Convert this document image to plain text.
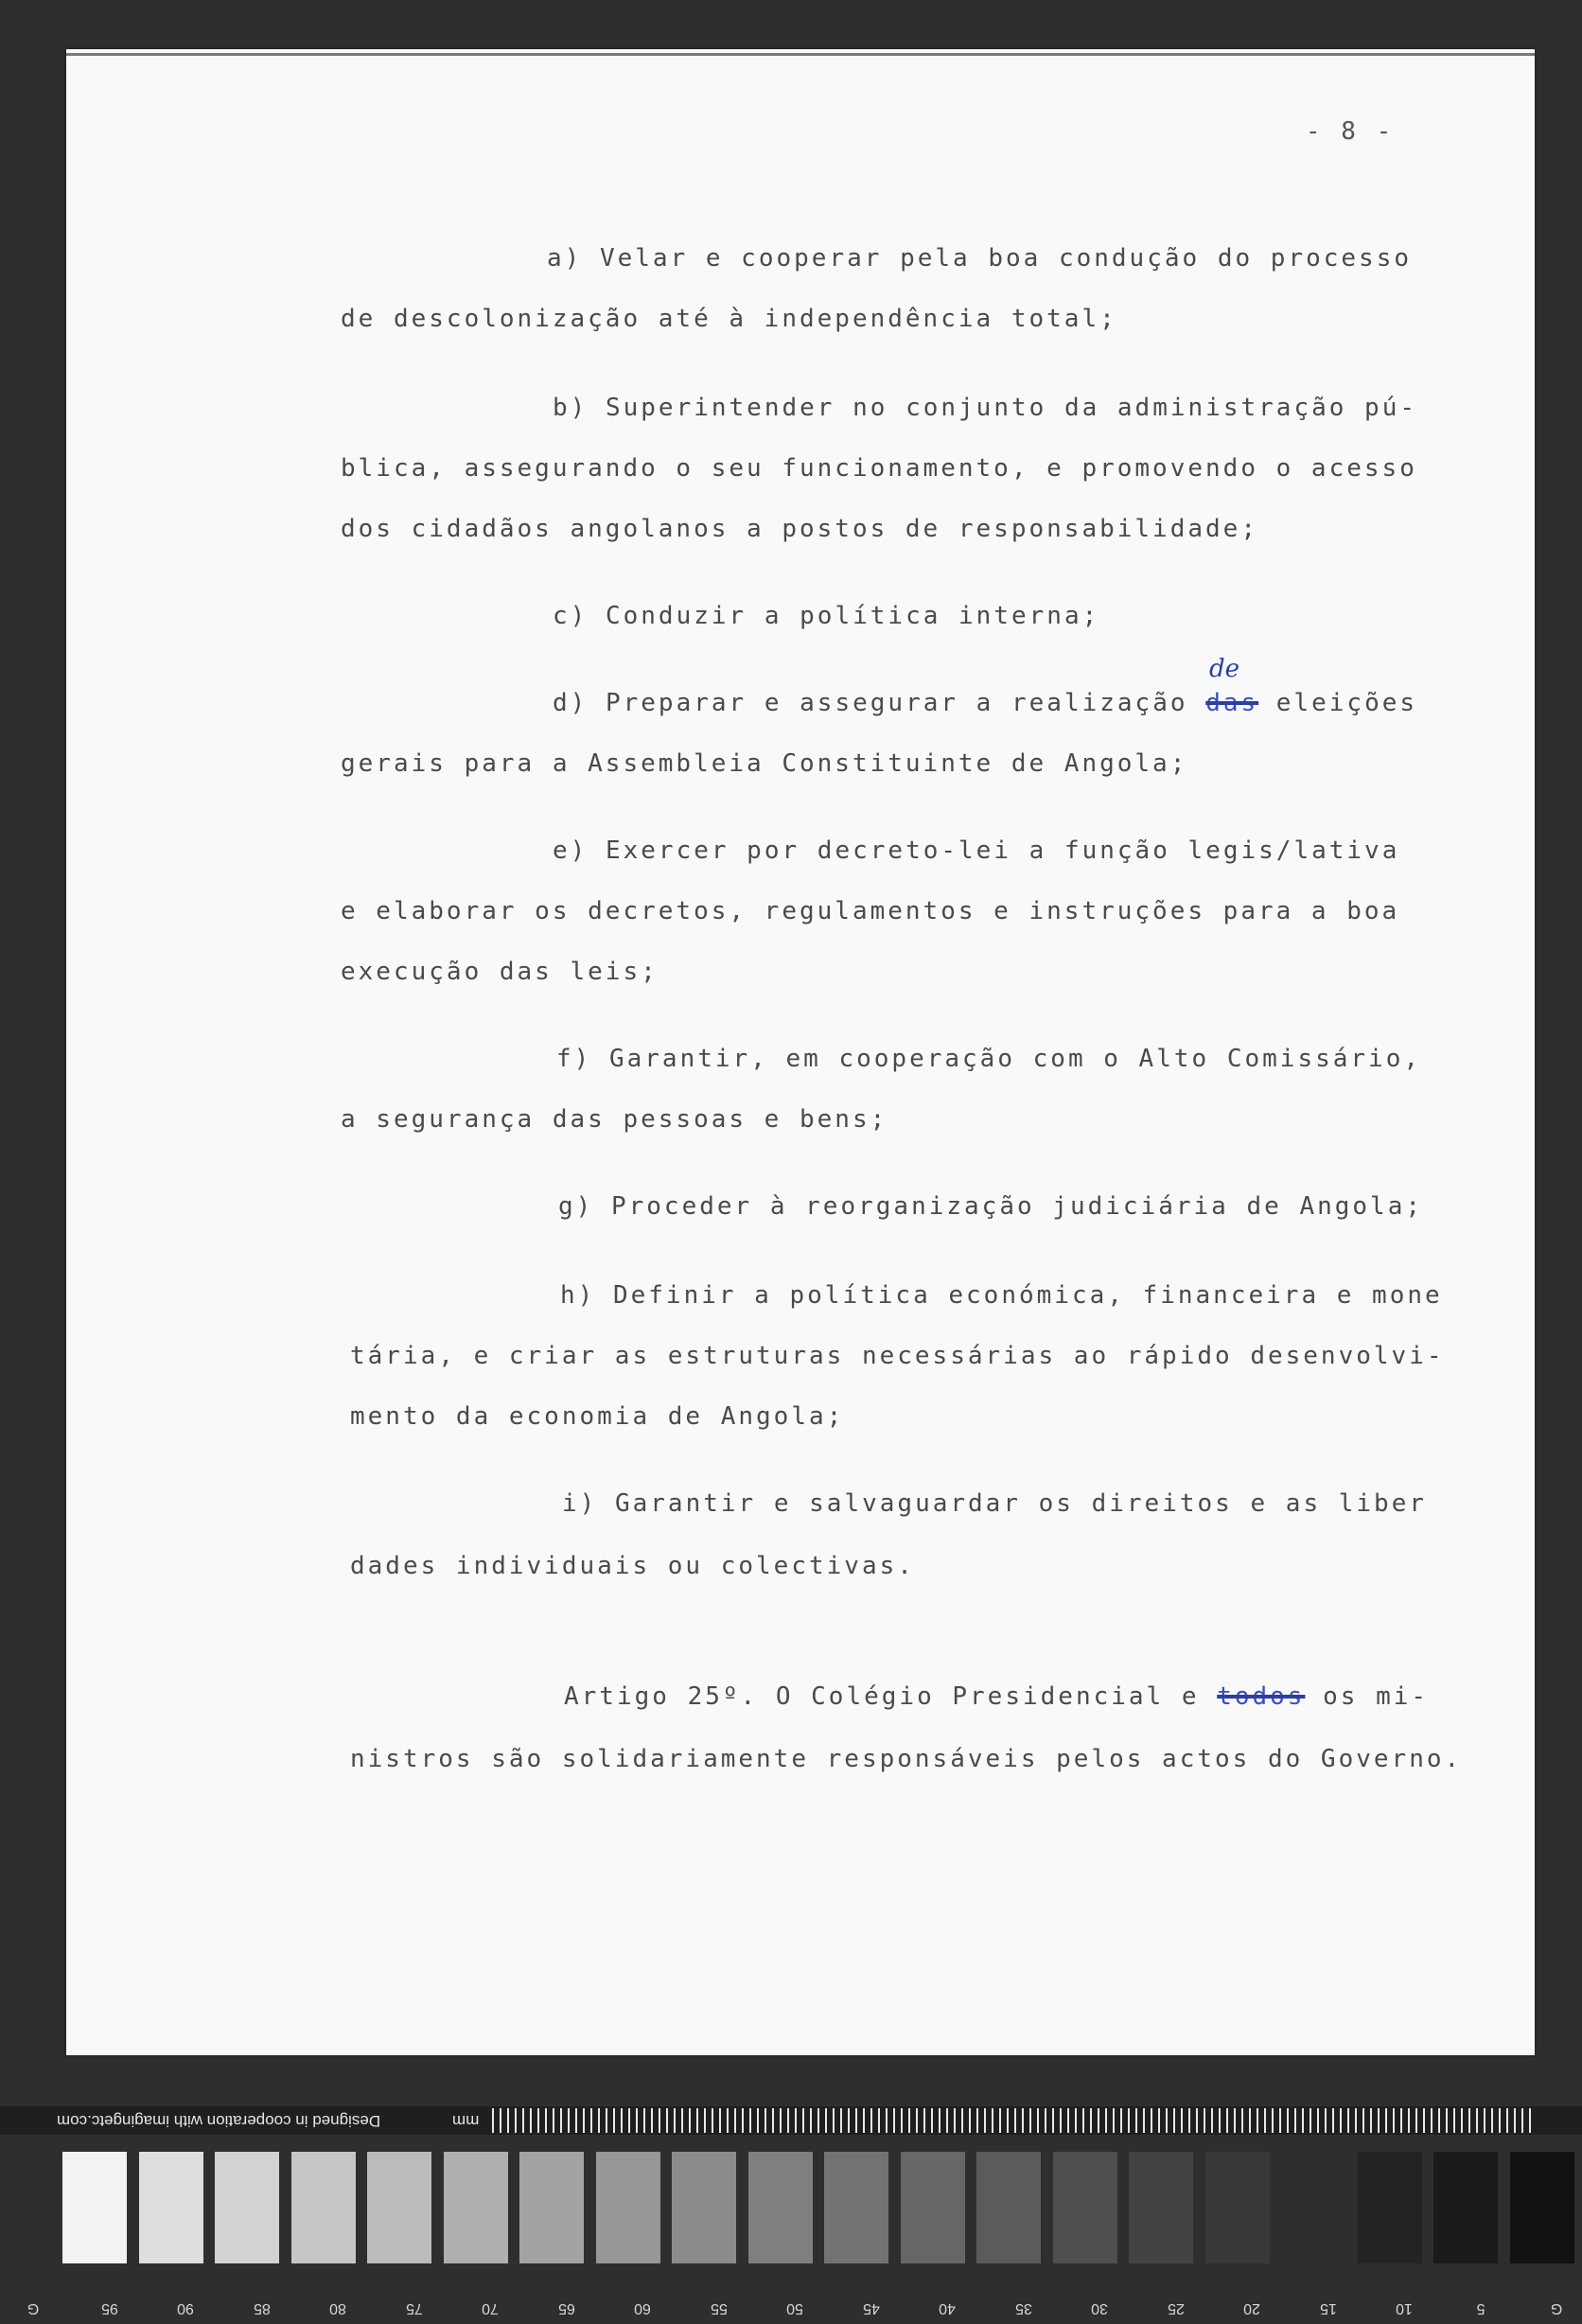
- 8 -
a) Velar e cooperar pela boa condução do processo
de descolonização até à independência total;
b) Superintender no conjunto da administração pú-
blica, assegurando o seu funcionamento, e promovendo o acesso
dos cidadãos angolanos a postos de responsabilidade;
c) Conduzir a política interna;
d) Preparar e assegurar a realização das eleições
de
gerais para a Assembleia Constituinte de Angola;
e) Exercer por decreto-lei a função legis/lativa
e elaborar os decretos, regulamentos e instruções para a boa
execução das leis;
f) Garantir, em cooperação com o Alto Comissário,
a segurança das pessoas e bens;
g) Proceder à reorganização judiciária de Angola;
h) Definir a política económica, financeira e mone
tária, e criar as estruturas necessárias ao rápido desenvolvi-
mento da economia de Angola;
i) Garantir e salvaguardar os direitos e as liber
dades individuais ou colectivas.
Artigo 25º. O Colégio Presidencial e todos os mi-
nistros são solidariamente responsáveis pelos actos do Governo.
Designed in cooperation with imagingetc.com	mm
G	95	90	85	80	75	70	65	60	55	50	45	40	35	30	25	20	15	10	5	G
